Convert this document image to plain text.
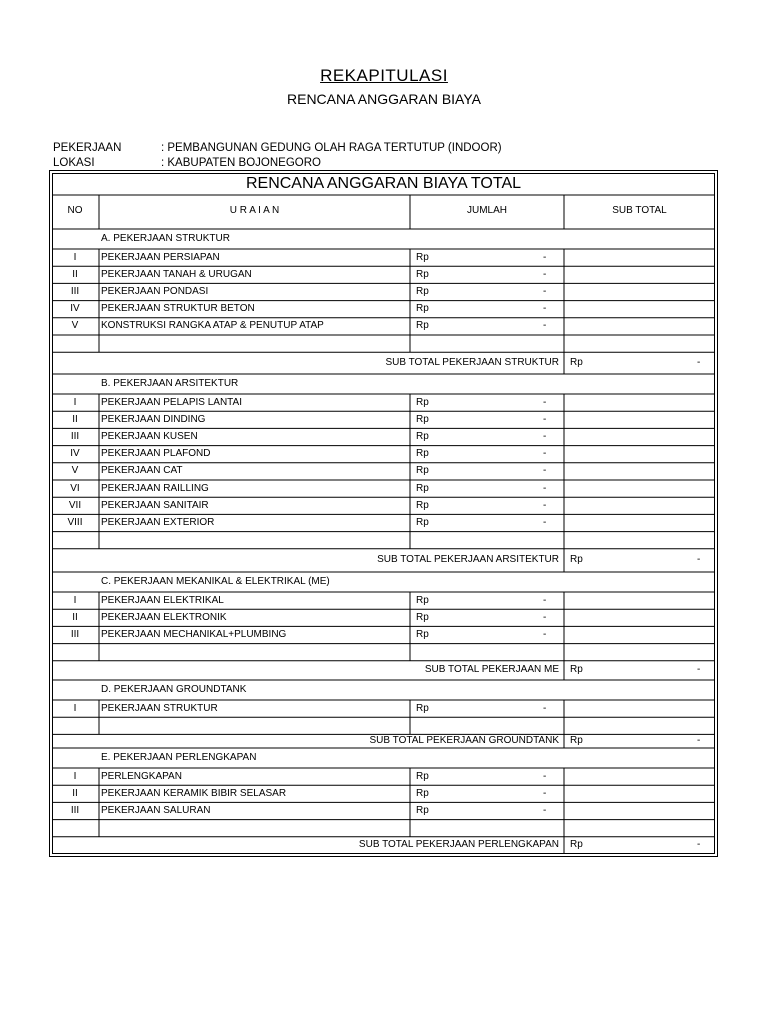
REKAPITULASI
RENCANA ANGGARAN BIAYA
PEKERJAAN	: PEMBANGUNAN GEDUNG OLAH RAGA TERTUTUP (INDOOR)
LOKASI	: KABUPATEN BOJONEGORO
RENCANA ANGGARAN BIAYA TOTAL
NO	U R A I A N	JUMLAH	SUB TOTAL
A. PEKERJAAN STRUKTUR
I	PEKERJAAN PERSIAPAN	Rp	-
II	PEKERJAAN TANAH & URUGAN	Rp	-
III	PEKERJAAN PONDASI	Rp	-
IV	PEKERJAAN STRUKTUR BETON	Rp	-
V	KONSTRUKSI RANGKA ATAP & PENUTUP ATAP	Rp	-
SUB TOTAL PEKERJAAN STRUKTUR Rp	-
B. PEKERJAAN ARSITEKTUR
I	PEKERJAAN PELAPIS LANTAI	Rp	-
II	PEKERJAAN DINDING	Rp	-
III	PEKERJAAN KUSEN	Rp	-
IV	PEKERJAAN PLAFOND	Rp	-
V	PEKERJAAN CAT	Rp	-
VI	PEKERJAAN RAILLING	Rp	-
VII	PEKERJAAN SANITAIR	Rp	-
VIII	PEKERJAAN EXTERIOR	Rp	-
SUB TOTAL PEKERJAAN ARSITEKTUR Rp	-
C. PEKERJAAN MEKANIKAL & ELEKTRIKAL (ME)
I	PEKERJAAN ELEKTRIKAL	Rp	-
II	PEKERJAAN ELEKTRONIK	Rp	-
III	PEKERJAAN MECHANIKAL+PLUMBING	Rp	-
SUB TOTAL PEKERJAAN ME Rp	-
D. PEKERJAAN GROUNDTANK
I	PEKERJAAN STRUKTUR	Rp	-
SUB TOTAL PEKERJAAN GROUNDTANK Rp	-
E. PEKERJAAN PERLENGKAPAN
I	PERLENGKAPAN	Rp	-
II	PEKERJAAN KERAMIK BIBIR SELASAR	Rp	-
III	PEKERJAAN SALURAN	Rp	-
SUB TOTAL PEKERJAAN PERLENGKAPAN Rp	-
